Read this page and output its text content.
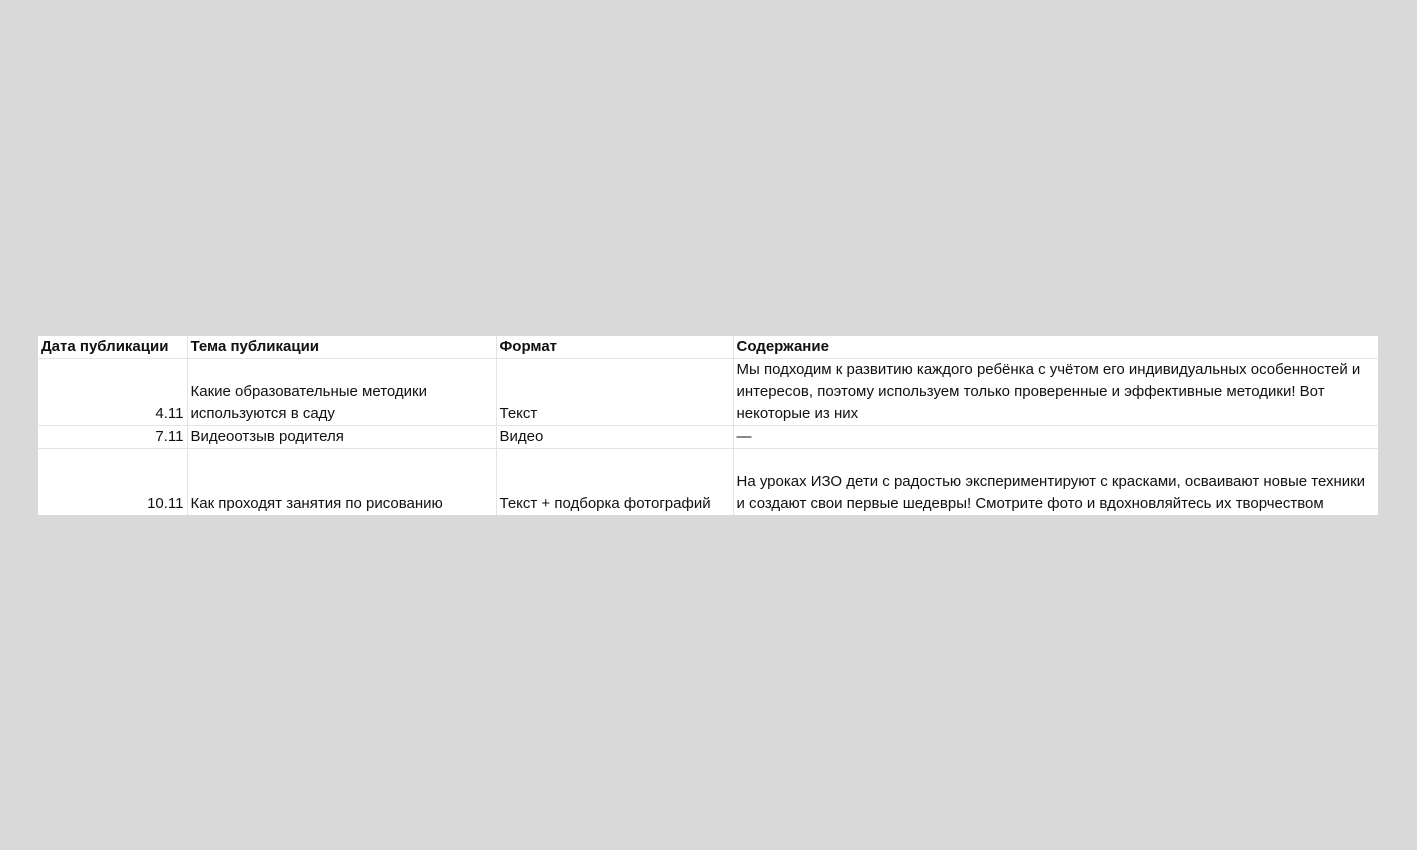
Дата публикации	Тема публикации	Формат	Содержание
4.11	Какие образовательные методики используются в саду	Текст	Мы подходим к развитию каждого ребёнка с учётом его индивидуальных особенностей и интересов, поэтому используем только проверенные и эффективные методики! Вот некоторые из них
7.11	Видеоотзыв родителя	Видео	—
10.11	Как проходят занятия по рисованию	Текст + подборка фотографий	На уроках ИЗО дети с радостью экспериментируют с красками, осваивают новые техники и создают свои первые шедевры! Смотрите фото и вдохновляйтесь их творчеством
